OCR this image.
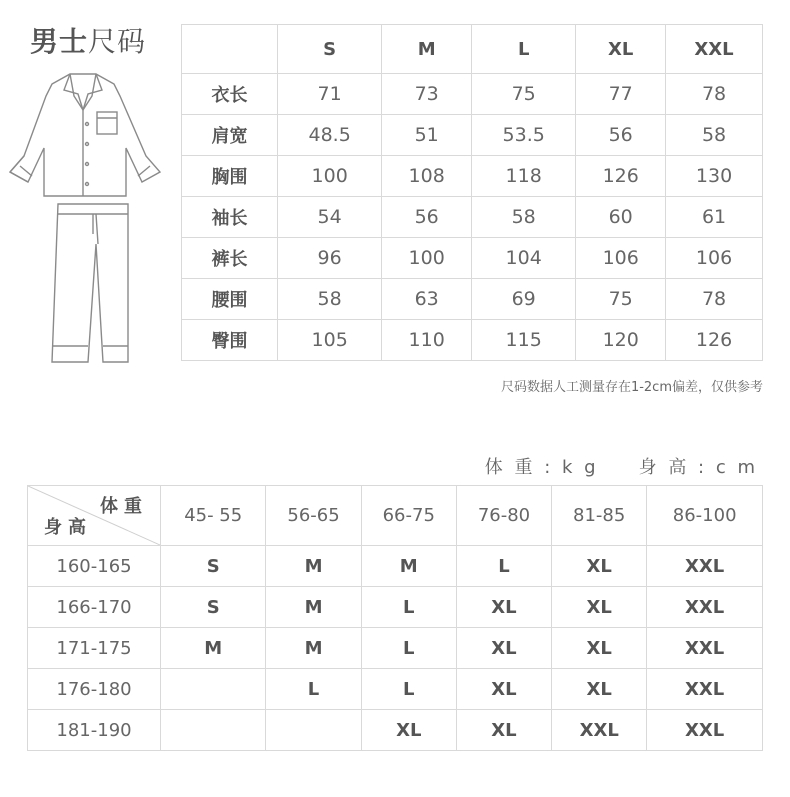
男士尺码
		S	M	L	XL	XXL
衣长	71	73	75	77	78
肩宽	48.5	51	53.5	56	58
胸围	100	108	118	126	130
袖长	54	56	58	60	61
裤长	96	100	104	106	106
腰围	58	63	69	75	78
臀围	105	110	115	120	126
尺码数据人工测量存在1-2cm偏差，仅供参考
体 重 : k g 身 高 : c m
体重
身高	45- 55	56-65	66-75	76-80	81-85	86-100
160-165	S	M	M	L	XL	XXL
166-170	S	M	L	XL	XL	XXL
171-175	M	M	L	XL	XL	XXL
176-180		L	L	XL	XL	XXL
181-190			XL	XL	XXL	XXL
